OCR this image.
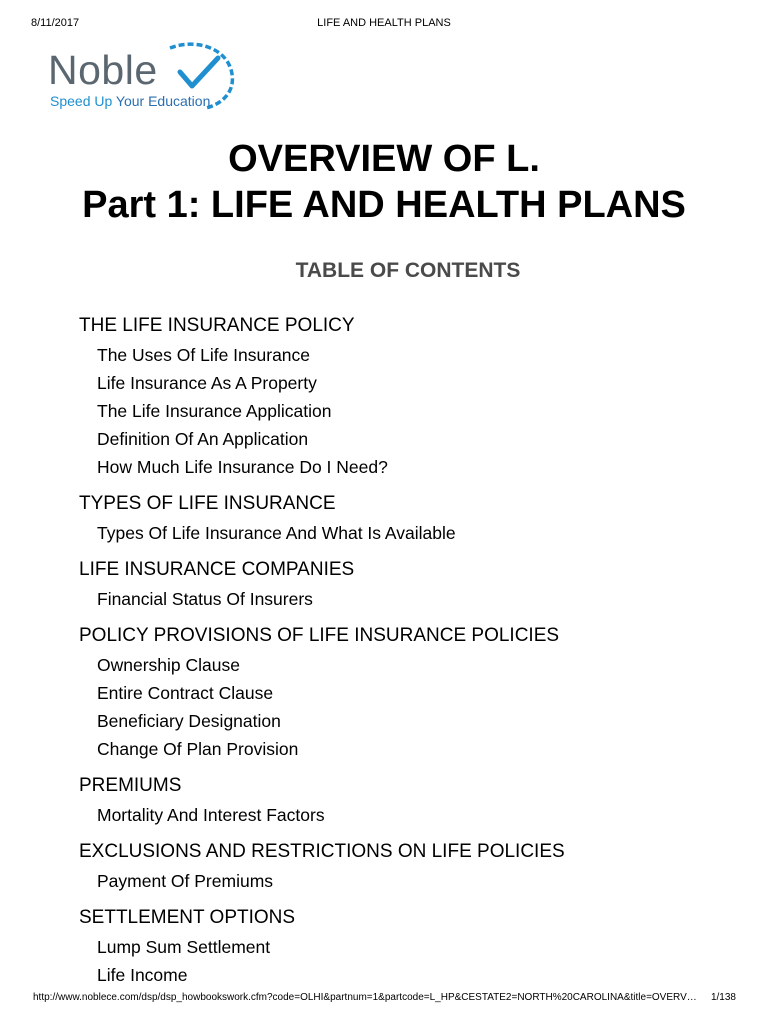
8/11/2017	LIFE AND HEALTH PLANS
Noble
Speed Up Your Education
OVERVIEW OF L.
Part 1: LIFE AND HEALTH PLANS
TABLE OF CONTENTS
THE LIFE INSURANCE POLICY
The Uses Of Life Insurance
Life Insurance As A Property
The Life Insurance Application
Definition Of An Application
How Much Life Insurance Do I Need?
TYPES OF LIFE INSURANCE
Types Of Life Insurance And What Is Available
LIFE INSURANCE COMPANIES
Financial Status Of Insurers
POLICY PROVISIONS OF LIFE INSURANCE POLICIES
Ownership Clause
Entire Contract Clause
Beneficiary Designation
Change Of Plan Provision
PREMIUMS
Mortality And Interest Factors
EXCLUSIONS AND RESTRICTIONS ON LIFE POLICIES
Payment Of Premiums
SETTLEMENT OPTIONS
Lump Sum Settlement
Life Income
http://www.noblece.com/dsp/dsp_howbookswork.cfm?code=OLHI&partnum=1&partcode=L_HP&CESTATE2=NORTH%20CAROLINA&title=OVERV… 1/138
